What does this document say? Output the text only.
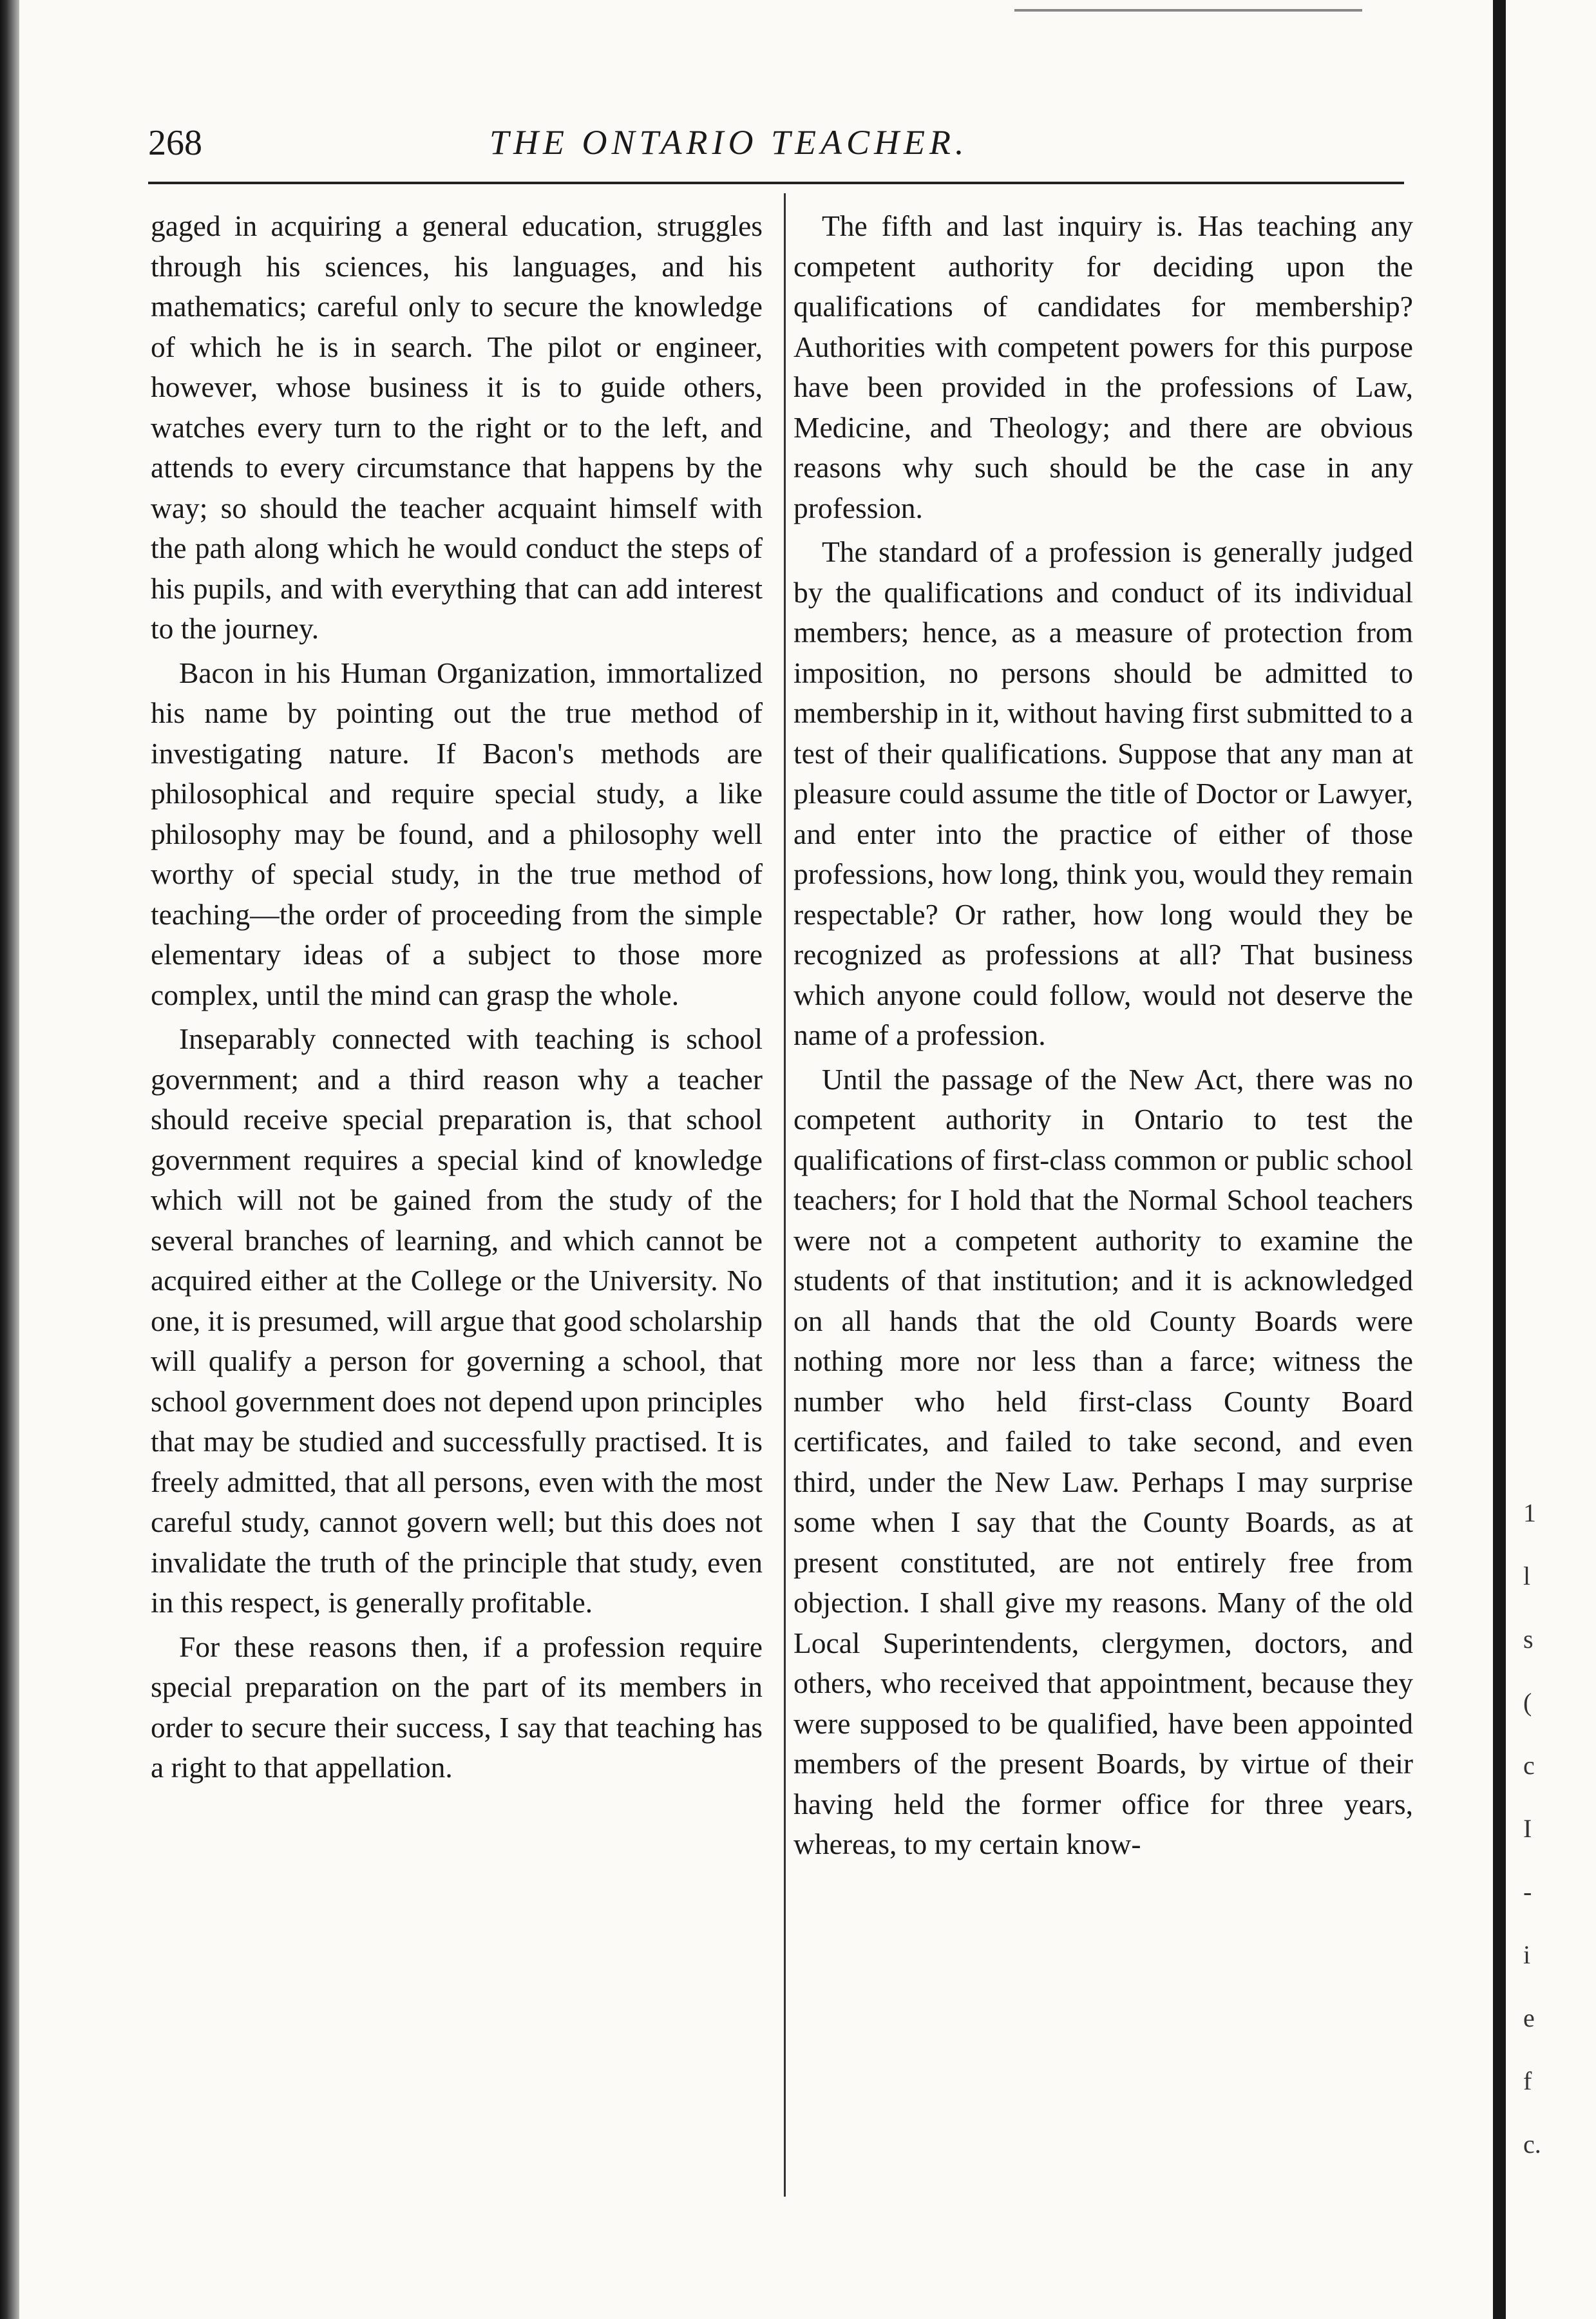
268	THE ONTARIO TEACHER.

gaged in acquiring a general education, struggles through his sciences, his languages, and his mathematics; careful only to secure the knowledge of which he is in search. The pilot or engineer, however, whose business it is to guide others, watches every turn to the right or to the left, and attends to every circumstance that happens by the way; so should the teacher acquaint himself with the path along which he would conduct the steps of his pupils, and with everything that can add interest to the journey.

Bacon in his Human Organization, immortalized his name by pointing out the true method of investigating nature. If Bacon's methods are philosophical and require special study, a like philosophy may be found, and a philosophy well worthy of special study, in the true method of teaching—the order of proceeding from the simple elementary ideas of a subject to those more complex, until the mind can grasp the whole.

Inseparably connected with teaching is school government; and a third reason why a teacher should receive special preparation is, that school government requires a special kind of knowledge which will not be gained from the study of the several branches of learning, and which cannot be acquired either at the College or the University. No one, it is presumed, will argue that good scholarship will qualify a person for governing a school, that school government does not depend upon principles that may be studied and successfully practised. It is freely admitted, that all persons, even with the most careful study, cannot govern well; but this does not invalidate the truth of the principle that study, even in this respect, is generally profitable.

For these reasons then, if a profession require special preparation on the part of its members in order to secure their success, I say that teaching has a right to that appellation.

The fifth and last inquiry is. Has teaching any competent authority for deciding upon the qualifications of candidates for membership? Authorities with competent powers for this purpose have been provided in the professions of Law, Medicine, and Theology; and there are obvious reasons why such should be the case in any profession.

The standard of a profession is generally judged by the qualifications and conduct of its individual members; hence, as a measure of protection from imposition, no persons should be admitted to membership in it, without having first submitted to a test of their qualifications. Suppose that any man at pleasure could assume the title of Doctor or Lawyer, and enter into the practice of either of those professions, how long, think you, would they remain respectable? Or rather, how long would they be recognized as professions at all? That business which anyone could follow, would not deserve the name of a profession.

Until the passage of the New Act, there was no competent authority in Ontario to test the qualifications of first-class common or public school teachers; for I hold that the Normal School teachers were not a competent authority to examine the students of that institution; and it is acknowledged on all hands that the old County Boards were nothing more nor less than a farce; witness the number who held first-class County Board certificates, and failed to take second, and even third, under the New Law. Perhaps I may surprise some when I say that the County Boards, as at present constituted, are not entirely free from objection. I shall give my reasons. Many of the old Local Superintendents, clergymen, doctors, and others, who received that appointment, because they were supposed to be qualified, have been appointed members of the present Boards, by virtue of their having held the former office for three years, whereas, to my certain know-

1
l
s
(
c
I
-
i
e
f
c.
